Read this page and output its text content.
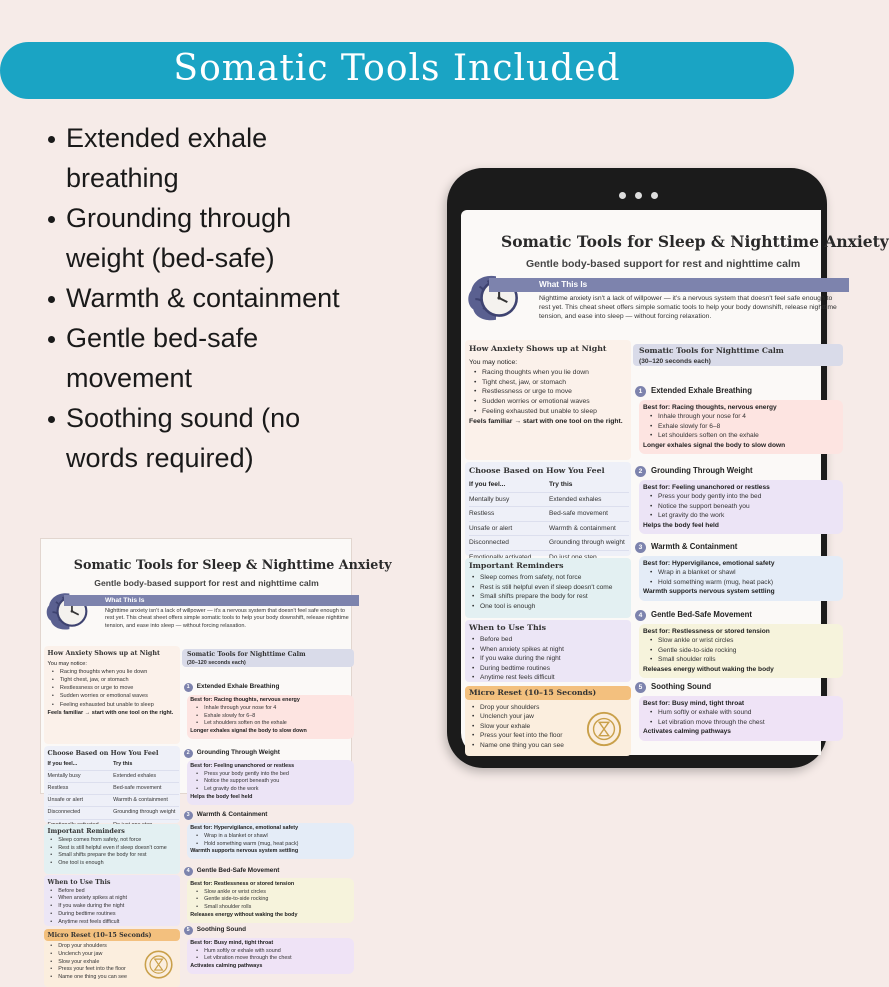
Somatic Tools Included
Extended exhale breathing
Grounding through weight (bed-safe)
Warmth & containment
Gentle bed-safe movement
Soothing sound (no words required)
Somatic Tools for Sleep & Nighttime Anxiety
Gentle body-based support for rest and nighttime calm
What This Is
Nighttime anxiety isn't a lack of willpower — it's a nervous system that doesn't feel safe enough to rest yet. This cheat sheet offers simple somatic tools to help your body downshift, release nighttime tension, and ease into sleep — without forcing relaxation.
How Anxiety Shows up at Night
You may notice:
• Racing thoughts when you lie down
• Tight chest, jaw, or stomach
• Restlessness or urge to move
• Sudden worries or emotional waves
• Feeling exhausted but unable to sleep
Feels familiar → start with one tool on the right.
Choose Based on How You Feel
If you feel...	Try this
Mentally busy	Extended exhales
Restless	Bed-safe movement
Unsafe or alert	Warmth & containment
Disconnected	Grounding through weight
Important Reminders
• Sleep comes from safety, not force
• Rest is still helpful even if sleep doesn't come
• Small shifts prepare the body for rest
• One tool is enough
When to Use This
• Before bed
• When anxiety spikes at night
• If you wake during the night
• During bedtime routines
• Anytime rest feels difficult
Micro Reset (10–15 Seconds)
• Drop your shoulders
• Unclench your jaw
• Slow your exhale
• Press your feet into the floor
• Name one thing you can see
Somatic Tools for Nighttime Calm
(30–120 seconds each)
1	Extended Exhale Breathing
Best for: Racing thoughts, nervous energy
• Inhale through your nose for 4
• Exhale slowly for 6–8
• Let shoulders soften on the exhale
Longer exhales signal the body to slow down
2	Grounding Through Weight
Best for: Feeling unanchored or restless
• Press your body gently into the bed
• Notice the support beneath you
• Let gravity do the work
Helps the body feel held
3	Warmth & Containment
Best for: Hypervigilance, emotional safety
• Wrap in a blanket or shawl
• Hold something warm (mug, heat pack)
Warmth supports nervous system settling
4	Gentle Bed-Safe Movement
Best for: Restlessness or stored tension
• Slow ankle or wrist circles
• Gentle side-to-side rocking
• Small shoulder rolls
Releases energy without waking the body
5	Soothing Sound
Best for: Busy mind, tight throat
• Hum softly or exhale with sound
• Let vibration move through the chest
Activates calming pathways
Somatic Tools for Sleep & Nighttime Anxiety
Gentle body-based support for rest and nighttime calm
What This Is
Nighttime anxiety isn't a lack of willpower — it's a nervous system that doesn't feel safe enough to rest yet. This cheat sheet offers simple somatic tools to help your body downshift, release nighttime tension, and ease into sleep — without forcing relaxation.
How Anxiety Shows up at Night
You may notice:
• Racing thoughts when you lie down
• Tight chest, jaw, or stomach
• Restlessness or urge to move
• Sudden worries or emotional waves
• Feeling exhausted but unable to sleep
Feels familiar → start with one tool on the right.
Choose Based on How You Feel
If you feel...	Try this
Mentally busy	Extended exhales
Restless	Bed-safe movement
Unsafe or alert	Warmth & containment
Disconnected	Grounding through weight
Important Reminders
• Sleep comes from safety, not force
• Rest is still helpful even if sleep doesn't come
• Small shifts prepare the body for rest
• One tool is enough
When to Use This
• Before bed
• When anxiety spikes at night
• If you wake during the night
• During bedtime routines
• Anytime rest feels difficult
Micro Reset (10–15 Seconds)
• Drop your shoulders
• Unclench your jaw
• Slow your exhale
• Press your feet into the floor
• Name one thing you can see
Somatic Tools for Nighttime Calm
(30–120 seconds each)
1	Extended Exhale Breathing
Best for: Racing thoughts, nervous energy
• Inhale through your nose for 4
• Exhale slowly for 6–8
• Let shoulders soften on the exhale
Longer exhales signal the body to slow down
2	Grounding Through Weight
Best for: Feeling unanchored or restless
• Press your body gently into the bed
• Notice the support beneath you
• Let gravity do the work
Helps the body feel held
3	Warmth & Containment
Best for: Hypervigilance, emotional safety
• Wrap in a blanket or shawl
• Hold something warm (mug, heat pack)
Warmth supports nervous system settling
4	Gentle Bed-Safe Movement
Best for: Restlessness or stored tension
• Slow ankle or wrist circles
• Gentle side-to-side rocking
• Small shoulder rolls
Releases energy without waking the body
5	Soothing Sound
Best for: Busy mind, tight throat
• Hum softly or exhale with sound
• Let vibration move through the chest
Activates calming pathways
